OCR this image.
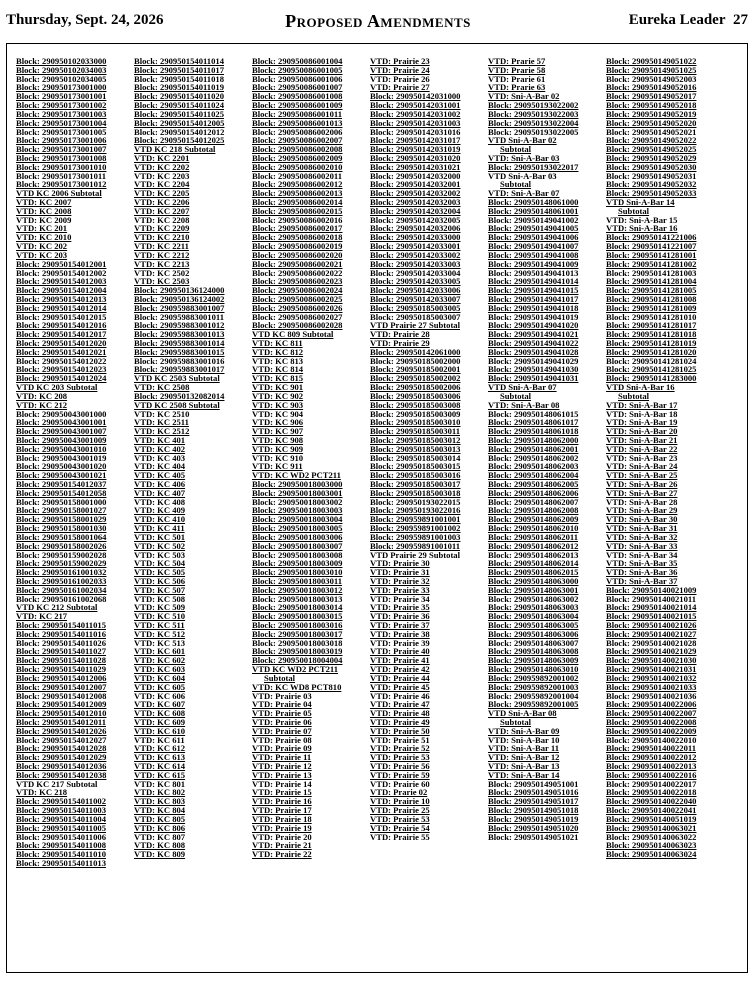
Thursday, Sept. 24, 2026	Proposed Amendments	Eureka Leader 27
Block: 290950102033000
Block: 290950102034003
Block: 290950102034005
Block: 290950173001000
Block: 290950173001001
Block: 290950173001002
Block: 290950173001003
Block: 290950173001004
Block: 290950173001005
Block: 290950173001006
Block: 290950173001007
Block: 290950173001008
Block: 290950173001010
Block: 290950173001011
Block: 290950173001012
VTD KC 2006 Subtotal
VTD: KC 2007
VTD: KC 2008
VTD: KC 2009
VTD: KC 201
VTD: KC 2010
VTD: KC 202
VTD: KC 203
Block: 290950154012001
Block: 290950154012002
Block: 290950154012003
Block: 290950154012004
Block: 290950154012013
Block: 290950154012014
Block: 290950154012015
Block: 290950154012016
Block: 290950154012017
Block: 290950154012020
Block: 290950154012021
Block: 290950154012022
Block: 290950154012023
Block: 290950154012024
VTD KC 203 Subtotal
VTD: KC 208
VTD: KC 212
Block: 290950043001000
Block: 290950043001001
Block: 290950043001007
Block: 290950043001009
Block: 290950043001010
Block: 290950043001019
Block: 290950043001020
Block: 290950043001021
Block: 290950154012037
Block: 290950154012058
Block: 290950158001000
Block: 290950158001027
Block: 290950158001029
Block: 290950158001030
Block: 290950158001064
Block: 290950158002026
Block: 290950159002028
Block: 290950159002029
Block: 290950161001032
Block: 290950161002033
Block: 290950161002034
Block: 290950161002068
VTD KC 212 Subtotal
VTD: KC 217
Block: 290950154011015
Block: 290950154011016
Block: 290950154011026
Block: 290950154011027
Block: 290950154011028
Block: 290950154011029
Block: 290950154012006
Block: 290950154012007
Block: 290950154012008
Block: 290950154012009
Block: 290950154012010
Block: 290950154012011
Block: 290950154012026
Block: 290950154012027
Block: 290950154012028
Block: 290950154012029
Block: 290950154012036
Block: 290950154012038
VTD KC 217 Subtotal
VTD: KC 218
Block: 290950154011002
Block: 290950154011003
Block: 290950154011004
Block: 290950154011005
Block: 290950154011006
Block: 290950154011008
Block: 290950154011010
Block: 290950154011013
Block: 290950154011014
Block: 290950154011017
Block: 290950154011018
Block: 290950154011019
Block: 290950154011020
Block: 290950154011024
Block: 290950154011025
Block: 290950154012005
Block: 290950154012012
Block: 290950154012025
VTD KC 218 Subtotal
VTD: KC 2201
VTD: KC 2202
VTD: KC 2203
VTD: KC 2204
VTD: KC 2205
VTD: KC 2206
VTD: KC 2207
VTD: KC 2208
VTD: KC 2209
VTD: KC 2210
VTD: KC 2211
VTD: KC 2212
VTD: KC 2213
VTD: KC 2502
VTD: KC 2503
Block: 290950136124000
Block: 290950136124002
Block: 290959883001007
Block: 290959883001011
Block: 290959883001012
Block: 290959883001013
Block: 290959883001014
Block: 290959883001015
Block: 290959883001016
Block: 290959883001017
VTD KC 2503 Subtotal
VTD: KC 2508
Block: 290950132082014
VTD KC 2508 Subtotal
VTD: KC 2510
VTD: KC 2511
VTD: KC 2512
VTD: KC 401
VTD: KC 402
VTD: KC 403
VTD: KC 404
VTD: KC 405
VTD: KC 406
VTD: KC 407
VTD: KC 408
VTD: KC 409
VTD: KC 410
VTD: KC 411
VTD: KC 501
VTD: KC 502
VTD: KC 503
VTD: KC 504
VTD: KC 505
VTD: KC 506
VTD: KC 507
VTD: KC 508
VTD: KC 509
VTD: KC 510
VTD: KC 511
VTD: KC 512
VTD: KC 513
VTD: KC 601
VTD: KC 602
VTD: KC 603
VTD: KC 604
VTD: KC 605
VTD: KC 606
VTD: KC 607
VTD: KC 608
VTD: KC 609
VTD: KC 610
VTD: KC 611
VTD: KC 612
VTD: KC 613
VTD: KC 614
VTD: KC 615
VTD: KC 801
VTD: KC 802
VTD: KC 803
VTD: KC 804
VTD: KC 805
VTD: KC 806
VTD: KC 807
VTD: KC 808
VTD: KC 809
Block: 290950086001004
Block: 290950086001005
Block: 290950086001006
Block: 290950086001007
Block: 290950086001008
Block: 290950086001009
Block: 290950086001011
Block: 290950086001013
Block: 290950086002006
Block: 290950086002007
Block: 290950086002008
Block: 290950086002009
Block: 290950086002010
Block: 290950086002011
Block: 290950086002012
Block: 290950086002013
Block: 290950086002014
Block: 290950086002015
Block: 290950086002016
Block: 290950086002017
Block: 290950086002018
Block: 290950086002019
Block: 290950086002020
Block: 290950086002021
Block: 290950086002022
Block: 290950086002023
Block: 290950086002024
Block: 290950086002025
Block: 290950086002026
Block: 290950086002027
Block: 290950086002028
VTD KC 809 Subtotal
VTD: KC 811
VTD: KC 812
VTD: KC 813
VTD: KC 814
VTD: KC 815
VTD: KC 901
VTD: KC 902
VTD: KC 903
VTD: KC 904
VTD: KC 906
VTD: KC 907
VTD: KC 908
VTD: KC 909
VTD: KC 910
VTD: KC 911
VTD: KC WD2 PCT211
Block: 290950018003000
Block: 290950018003001
Block: 290950018003002
Block: 290950018003003
Block: 290950018003004
Block: 290950018003005
Block: 290950018003006
Block: 290950018003007
Block: 290950018003008
Block: 290950018003009
Block: 290950018003010
Block: 290950018003011
Block: 290950018003012
Block: 290950018003013
Block: 290950018003014
Block: 290950018003015
Block: 290950018003016
Block: 290950018003017
Block: 290950018003018
Block: 290950018003019
Block: 290950018004004
VTD KC WD2 PCT211
Subtotal
VTD: KC WD8 PCT810
VTD: Prairie 03
VTD: Prairie 04
VTD: Prairie 05
VTD: Prairie 06
VTD: Prairie 07
VTD: Prairie 08
VTD: Prairie 09
VTD: Prairie 11
VTD: Prairie 12
VTD: Prairie 13
VTD: Prairie 14
VTD: Prairie 15
VTD: Prairie 16
VTD: Prairie 17
VTD: Prairie 18
VTD: Prairie 19
VTD: Prairie 20
VTD: Prairie 21
VTD: Prairie 22
VTD: Prairie 23
VTD: Prairie 24
VTD: Prairie 26
VTD: Prairie 27
Block: 290950142031000
Block: 290950142031001
Block: 290950142031002
Block: 290950142031003
Block: 290950142031016
Block: 290950142031017
Block: 290950142031019
Block: 290950142031020
Block: 290950142031021
Block: 290950142032000
Block: 290950142032001
Block: 290950142032002
Block: 290950142032003
Block: 290950142032004
Block: 290950142032005
Block: 290950142032006
Block: 290950142033000
Block: 290950142033001
Block: 290950142033002
Block: 290950142033003
Block: 290950142033004
Block: 290950142033005
Block: 290950142033006
Block: 290950142033007
Block: 290950185003005
Block: 290950185003007
VTD Prairie 27 Subtotal
VTD: Prairie 28
VTD: Prairie 29
Block: 290950142061000
Block: 290950185002000
Block: 290950185002001
Block: 290950185002002
Block: 290950185002006
Block: 290950185003006
Block: 290950185003008
Block: 290950185003009
Block: 290950185003010
Block: 290950185003011
Block: 290950185003012
Block: 290950185003013
Block: 290950185003014
Block: 290950185003015
Block: 290950185003016
Block: 290950185003017
Block: 290950185003018
Block: 290950193022015
Block: 290950193022016
Block: 290959891001001
Block: 290959891001002
Block: 290959891001003
Block: 290959891001011
VTD Prairie 29 Subtotal
VTD: Prairie 30
VTD: Prairie 31
VTD: Prairie 32
VTD: Prairie 33
VTD: Prairie 34
VTD: Prairie 35
VTD: Prairie 36
VTD: Prairie 37
VTD: Prairie 38
VTD: Prairie 39
VTD: Prairie 40
VTD: Prairie 41
VTD: Prairie 42
VTD: Prairie 44
VTD: Prairie 45
VTD: Prairie 46
VTD: Prairie 47
VTD: Prairie 48
VTD: Prairie 49
VTD: Prairie 50
VTD: Prairie 51
VTD: Prairie 52
VTD: Prairie 53
VTD: Prairie 56
VTD: Prairie 59
VTD: Prairie 60
VTD: Prarie 02
VTD: Prairie 10
VTD: Prairie 25
VTD: Prairie 53
VTD: Prairie 54
VTD: Prairie 55
VTD: Prarie 57
VTD: Prarie 58
VTD: Prarie 61
VTD: Prarie 63
VTD: Sni-A-Bar 02
Block: 290950193022002
Block: 290950193022003
Block: 290950193022004
Block: 290950193022005
VTD Sni-A-Bar 02
Subtotal
VTD: Sni-A-Bar 03
Block: 290950193022017
VTD Sni-A-Bar 03
Subtotal
VTD: Sni-A-Bar 07
Block: 290950148061000
Block: 290950148061001
Block: 290950149041002
Block: 290950149041005
Block: 290950149041006
Block: 290950149041007
Block: 290950149041008
Block: 290950149041009
Block: 290950149041013
Block: 290950149041014
Block: 290950149041015
Block: 290950149041017
Block: 290950149041018
Block: 290950149041019
Block: 290950149041020
Block: 290950149041021
Block: 290950149041022
Block: 290950149041028
Block: 290950149041029
Block: 290950149041030
Block: 290950149041031
VTD Sni-A-Bar 07
Subtotal
VTD: Sni-A-Bar 08
Block: 290950148061015
Block: 290950148061017
Block: 290950148061018
Block: 290950148062000
Block: 290950148062001
Block: 290950148062002
Block: 290950148062003
Block: 290950148062004
Block: 290950148062005
Block: 290950148062006
Block: 290950148062007
Block: 290950148062008
Block: 290950148062009
Block: 290950148062010
Block: 290950148062011
Block: 290950148062012
Block: 290950148062013
Block: 290950148062014
Block: 290950148062015
Block: 290950148063000
Block: 290950148063001
Block: 290950148063002
Block: 290950148063003
Block: 290950148063004
Block: 290950148063005
Block: 290950148063006
Block: 290950148063007
Block: 290950148063008
Block: 290950148063009
Block: 290950148063010
Block: 290959892001002
Block: 290959892001003
Block: 290959892001004
Block: 290959892001005
VTD Sni-A-Bar 08
Subtotal
VTD: Sni-A-Bar 09
VTD: Sni-A-Bar 10
VTD: Sni-A-Bar 11
VTD: Sni-A-Bar 12
VTD: Sni-A-Bar 13
VTD: Sni-A-Bar 14
Block: 290950149051001
Block: 290950149051016
Block: 290950149051017
Block: 290950149051018
Block: 290950149051019
Block: 290950149051020
Block: 290950149051021
Block: 290950149051022
Block: 290950149051025
Block: 290950149052003
Block: 290950149052016
Block: 290950149052017
Block: 290950149052018
Block: 290950149052019
Block: 290950149052020
Block: 290950149052021
Block: 290950149052022
Block: 290950149052025
Block: 290950149052029
Block: 290950149052030
Block: 290950149052031
Block: 290950149052032
Block: 290950149052033
VTD Sni-A-Bar 14
Subtotal
VTD: Sni-A-Bar 15
VTD: Sni-A-Bar 16
Block: 290950141221006
Block: 290950141221007
Block: 290950141281001
Block: 290950141281002
Block: 290950141281003
Block: 290950141281004
Block: 290950141281005
Block: 290950141281008
Block: 290950141281009
Block: 290950141281010
Block: 290950141281017
Block: 290950141281018
Block: 290950141281019
Block: 290950141281020
Block: 290950141281024
Block: 290950141281025
Block: 290950141283000
VTD Sni-A-Bar 16
Subtotal
VTD: Sni-A-Bar 17
VTD: Sni-A-Bar 18
VTD: Sni-A-Bar 19
VTD: Sni-A-Bar 20
VTD: Sni-A-Bar 21
VTD: Sni-A-Bar 22
VTD: Sni-A-Bar 23
VTD: Sni-A-Bar 24
VTD: Sni-A-Bar 25
VTD: Sni-A-Bar 26
VTD: Sni-A-Bar 27
VTD: Sni-A-Bar 28
VTD: Sni-A-Bar 29
VTD: Sni-A-Bar 30
VTD: Sni-A-Bar 31
VTD: Sni-A-Bar 32
VTD: Sni-A-Bar 33
VTD: Sni-A-Bar 34
VTD: Sni-A-Bar 35
VTD: Sni-A-Bar 36
VTD: Sni-A-Bar 37
Block: 290950140021009
Block: 290950140021011
Block: 290950140021014
Block: 290950140021015
Block: 290950140021026
Block: 290950140021027
Block: 290950140021028
Block: 290950140021029
Block: 290950140021030
Block: 290950140021031
Block: 290950140021032
Block: 290950140021033
Block: 290950140021036
Block: 290950140022006
Block: 290950140022007
Block: 290950140022008
Block: 290950140022009
Block: 290950140022010
Block: 290950140022011
Block: 290950140022012
Block: 290950140022013
Block: 290950140022016
Block: 290950140022017
Block: 290950140022018
Block: 290950140022040
Block: 290950140022041
Block: 290950140051019
Block: 290950140063021
Block: 290950140063022
Block: 290950140063023
Block: 290950140063024
